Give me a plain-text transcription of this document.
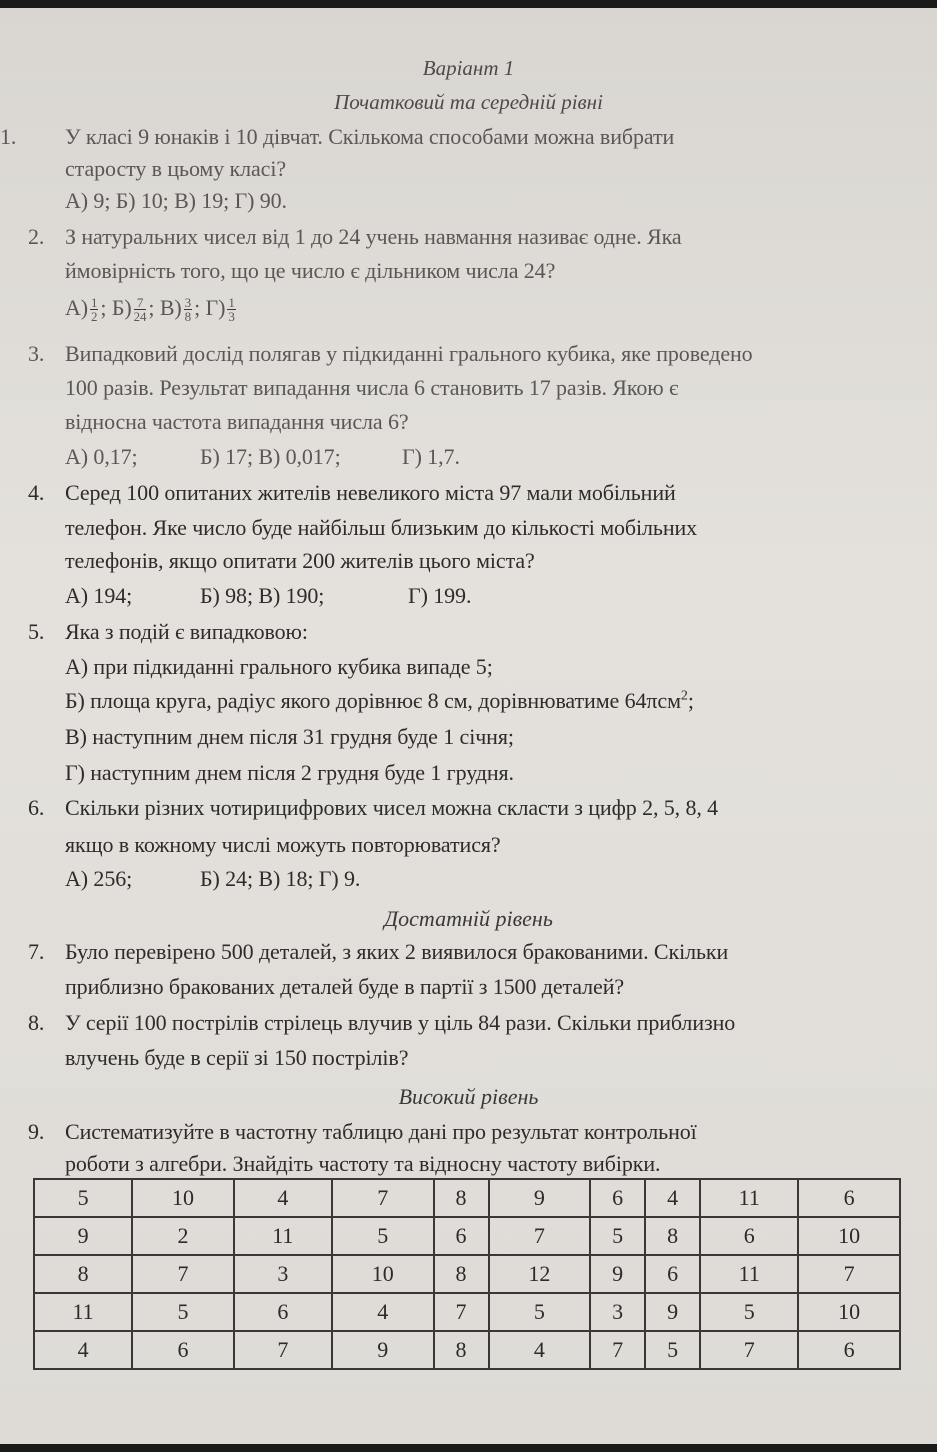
Варіант 1
Початковий та середній рівні
1. У класі 9 юнаків і 10 дівчат. Скількома способами можна вибрати
старосту в цьому класі?
А) 9; Б) 10; В) 19; Г) 90.
2. З натуральних чисел від 1 до 24 учень навмання називає одне. Яка
ймовірність того, що це число є дільником числа 24?
$А) \frac{1}{2}$ ; $Б) \frac{7}{24}$ ; $В) \frac{3}{8}$ ; $Г) \frac{1}{3}$
3. Випадковий дослід полягав у підкиданні грального кубика, яке проведено
100 разів. Результат випадання числа 6 становить 17 разів. Якою є
відносна частота випадання числа 6?
А) 0,17;	Б) 17; В) 0,017;	Г) 1,7.
4. Серед 100 опитаних жителів невеликого міста 97 мали мобільний
телефон. Яке число буде найбільш близьким до кількості мобільних
телефонів, якщо опитати 200 жителів цього міста?
А) 194;	Б) 98; В) 190;	Г) 199.
5. Яка з подій є випадковою:
А) при підкиданні грального кубика випаде 5;
Б) площа круга, радіус якого дорівнює 8 см, дорівнюватиме 64πсм$^2$;
В) наступним днем після 31 грудня буде 1 січня;
Г) наступним днем після 2 грудня буде 1 грудня.
6. Скільки різних чотирицифрових чисел можна скласти з цифр 2, 5, 8, 4
якщо в кожному числі можуть повторюватися?
А) 256;	Б) 24; В) 18; Г) 9.
Достатній рівень
7. Було перевірено 500 деталей, з яких 2 виявилося бракованими. Скільки
приблизно бракованих деталей буде в партії з 1500 деталей?
8. У серії 100 пострілів стрілець влучив у ціль 84 рази. Скільки приблизно
влучень буде в серії зі 150 пострілів?
Високий рівень
9. Систематизуйте в частотну таблицю дані про результат контрольної
роботи з алгебри. Знайдіть частоту та відносну частоту вибірки.
5	10	4	7	8	9	6	4	11	6
9	2	11	5	6	7	5	8	6	10
8	7	3	10	8	12	9	6	11	7
11	5	6	4	7	5	3	9	5	10
4	6	7	9	8	4	7	5	7	6
